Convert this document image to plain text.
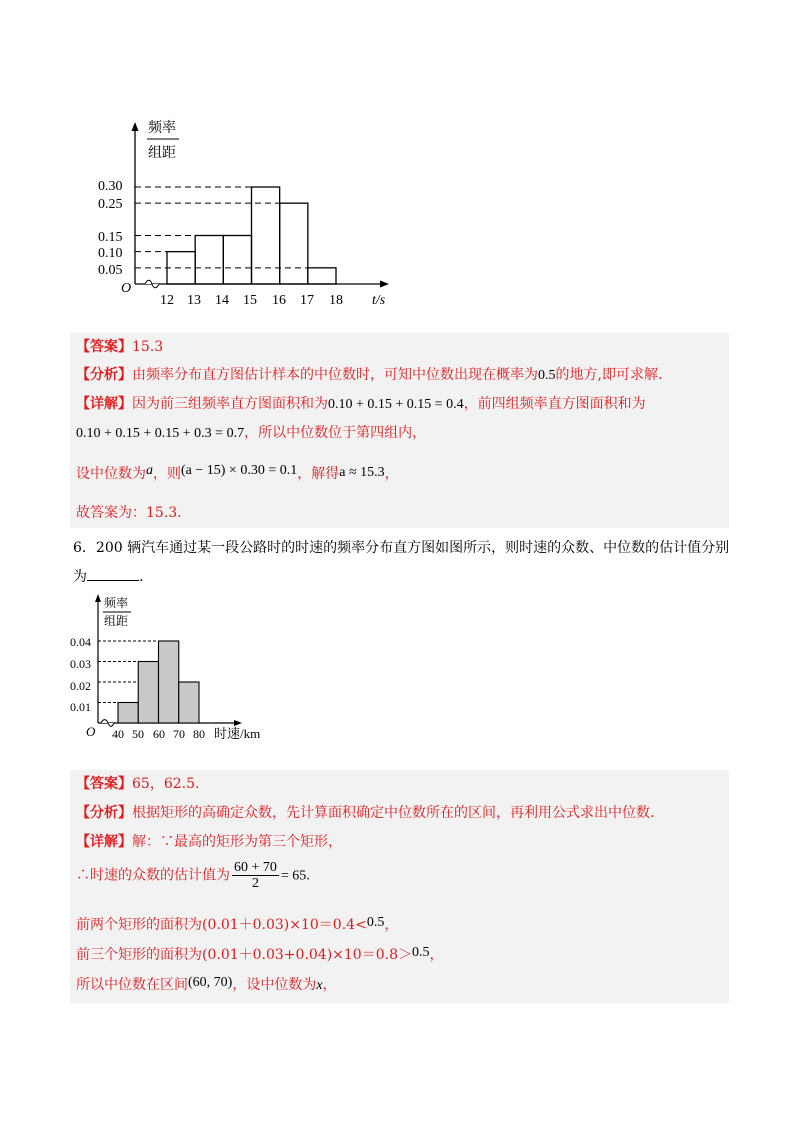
频率
组距
0.30
0.25
0.15
0.10
0.05
O
12 13 14 15 16 17 18 t/s
【答案】15.3
【分析】由频率分布直方图估计样本的中位数时，可知中位数出现在概率为0.5的地方,即可求解.
【详解】因为前三组频率直方图面积和为0.10 + 0.15 + 0.15 = 0.4，前四组频率直方图面积和为
0.10 + 0.15 + 0.15 + 0.3 = 0.7，所以中位数位于第四组内，
设中位数为a，则(a − 15) × 0.30 = 0.1，解得a ≈ 15.3，
故答案为：15.3.
6．200 辆汽车通过某一段公路时的时速的频率分布直方图如图所示，则时速的众数、中位数的估计值分别
为	.
频率
组距
0.04
0.03
0.02
0.01
O 40 50 60 70 80 时速/km
【答案】65，62.5.
【分析】根据矩形的高确定众数，先计算面积确定中位数所在的区间，再利用公式求出中位数.
【详解】解：∵最高的矩形为第三个矩形，
∴时速的众数的估计值为 $\frac{60 + 70}{2} = 65$.
前两个矩形的面积为(0.01＋0.03)×10＝0.4<0.5，
前三个矩形的面积为(0.01＋0.03+0.04)×10＝0.8＞0.5，
所以中位数在区间(60, 70)，设中位数为x，
